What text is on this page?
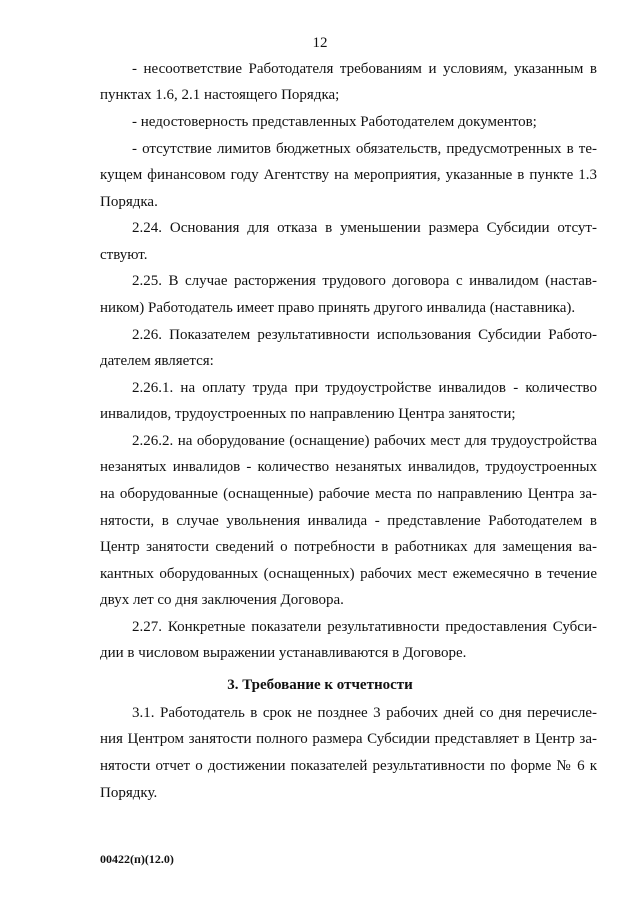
12
- несоответствие Работодателя требованиям и условиям, указанным в
пунктах 1.6, 2.1 настоящего Порядка;
- недостоверность представленных Работодателем документов;
- отсутствие лимитов бюджетных обязательств, предусмотренных в те-
кущем финансовом году Агентству на мероприятия, указанные в пункте 1.3
Порядка.
2.24. Основания для отказа в уменьшении размера Субсидии отсут-
ствуют.
2.25. В случае расторжения трудового договора с инвалидом (настав-
ником) Работодатель имеет право принять другого инвалида (наставника).
2.26. Показателем результативности использования Субсидии Работо-
дателем является:
2.26.1. на оплату труда при трудоустройстве инвалидов - количество
инвалидов, трудоустроенных по направлению Центра занятости;
2.26.2. на оборудование (оснащение) рабочих мест для трудоустройства
незанятых инвалидов - количество незанятых инвалидов, трудоустроенных
на оборудованные (оснащенные) рабочие места по направлению Центра за-
нятости, в случае увольнения инвалида - представление Работодателем в
Центр занятости сведений о потребности в работниках для замещения ва-
кантных оборудованных (оснащенных) рабочих мест ежемесячно в течение
двух лет со дня заключения Договора.
2.27. Конкретные показатели результативности предоставления Субси-
дии в числовом выражении устанавливаются в Договоре.
3. Требование к отчетности
3.1. Работодатель в срок не позднее 3 рабочих дней со дня перечисле-
ния Центром занятости полного размера Субсидии представляет в Центр за-
нятости отчет о достижении показателей результативности по форме № 6 к
Порядку.
00422(п)(12.0)
